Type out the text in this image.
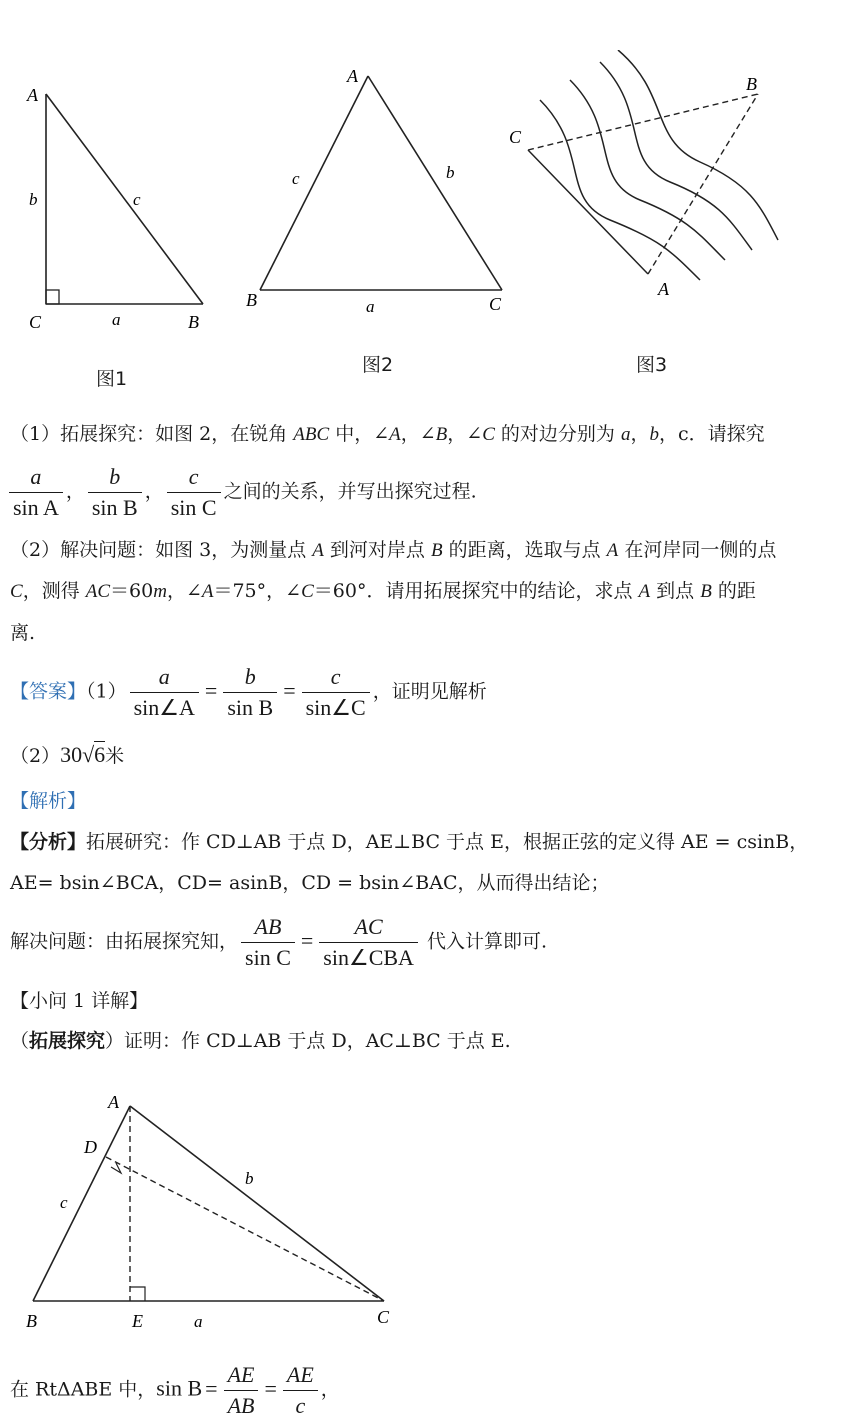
A
b	c
C	a	B
图1
A
c	b
B	a	C
图2
C
B
A
图3
（1）拓展探究：如图 2，在锐角 ABC 中，∠A，∠B，∠C 的对边分别为 a，b，c．请探究
$\frac{a}{\text{sin A}}$ ， $\frac{b}{\text{sin B}}$ ， $\frac{c}{\text{sin C}}$ 之间的关系，并写出探究过程.
（2）解决问题：如图 3，为测量点 A 到河对岸点 B 的距离，选取与点 A 在河岸同一侧的点
C，测得 AC＝60m，∠A＝75°，∠C＝60°．请用拓展探究中的结论，求点 A 到点 B 的距
离.
【答案】$(1) \frac{a}{\sin\angle A} = \frac{b}{\text{sin B}} = \frac{c}{\sin\angle C}$ ，证明见解析
（2）30√6米
【解析】
【分析】拓展研究：作 CD⊥AB 于点 D，AE⊥BC 于点 E，根据正弦的定义得 AE = csinB，
AE= bsin∠BCA，CD= asinB，CD = bsin∠BAC，从而得出结论；
解决问题：由拓展探究知， $\frac{AB}{\text{sin C}} = \frac{AC}{\text{sin∠CBA}}$ 代入计算即可.
【小问 1 详解】
（拓展探究）证明：作 CD⊥AB 于点 D，AC⊥BC 于点 E.
A
D
c
b
B	E	a	C
在 RtΔABE 中，$\sin B = \frac{AE}{AB} = \frac{AE}{c}$ ，
